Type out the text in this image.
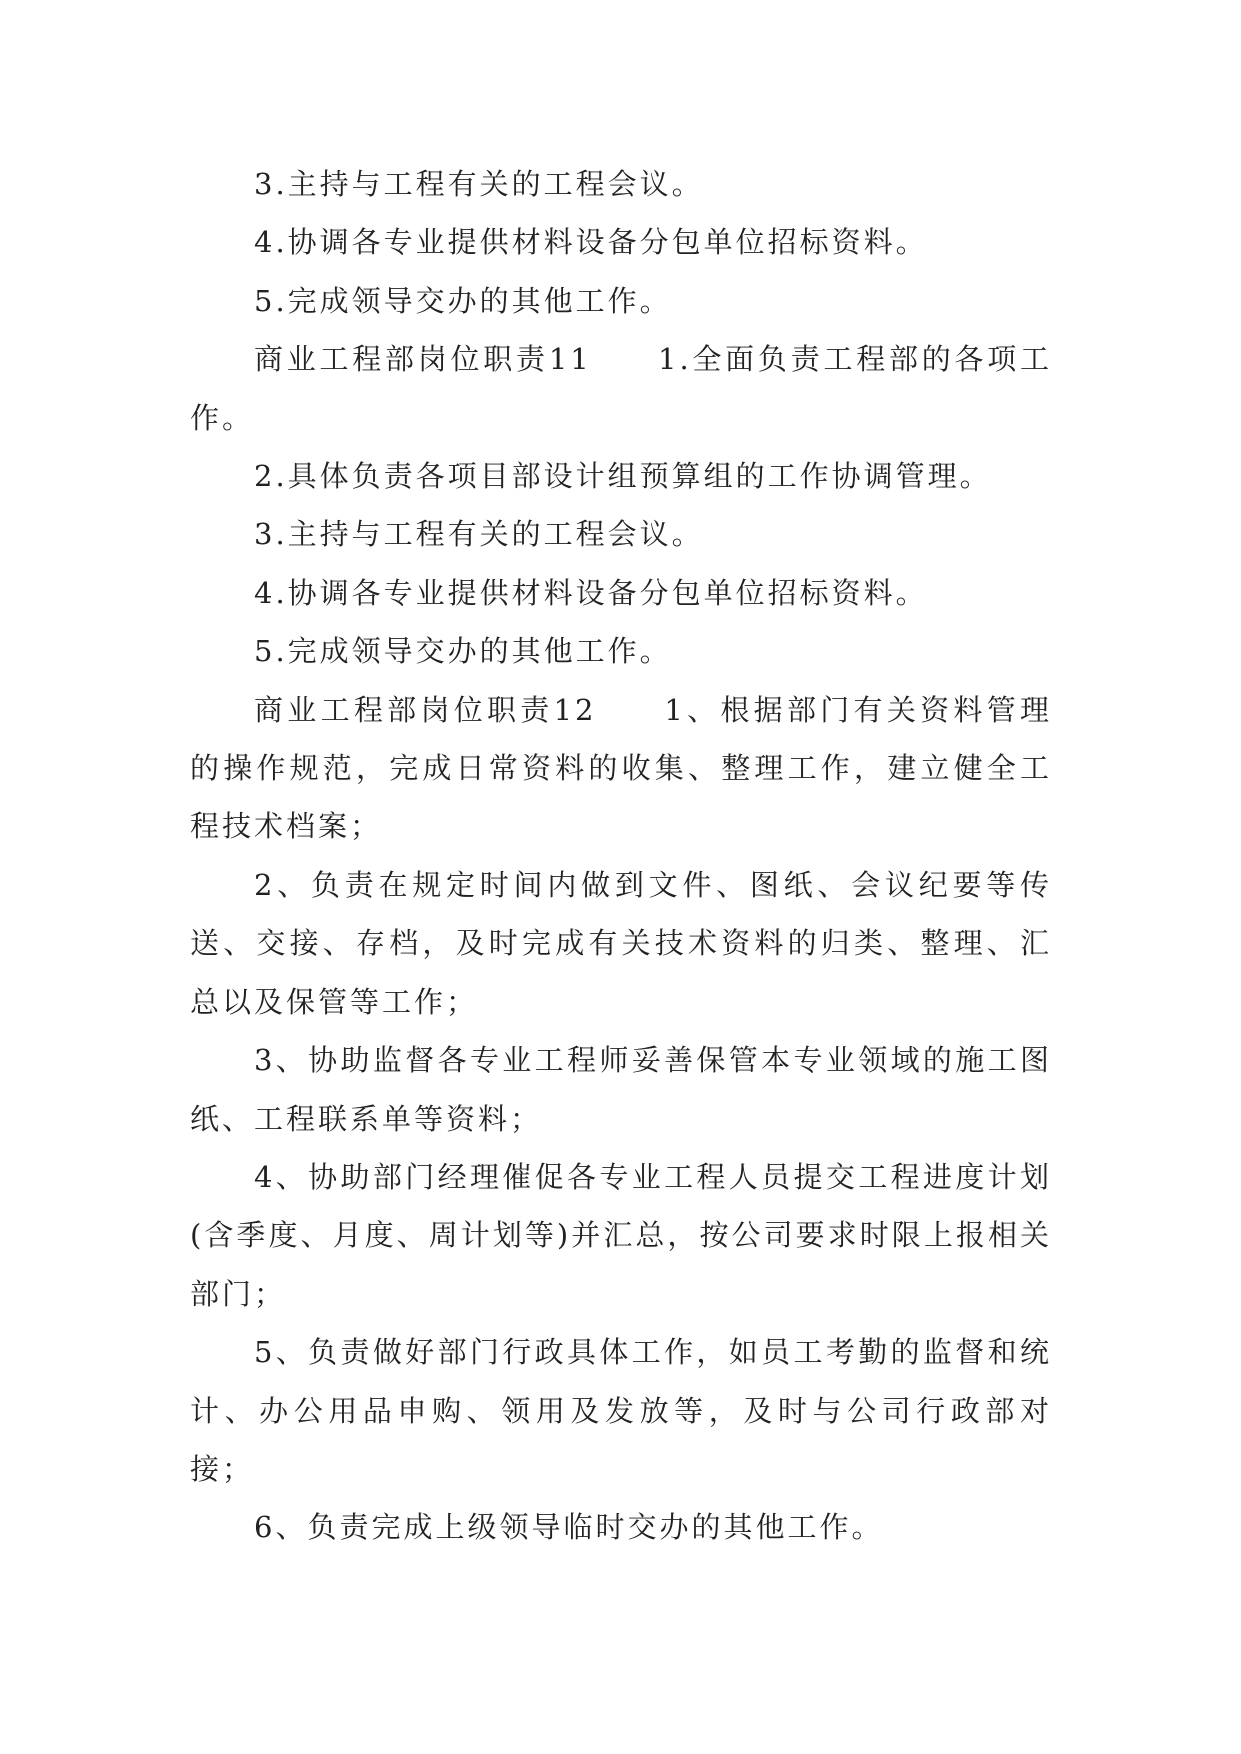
3.主持与工程有关的工程会议。

4.协调各专业提供材料设备分包单位招标资料。

5.完成领导交办的其他工作。

商业工程部岗位职责11　　1.全面负责工程部的各项工作。

2.具体负责各项目部设计组预算组的工作协调管理。

3.主持与工程有关的工程会议。

4.协调各专业提供材料设备分包单位招标资料。

5.完成领导交办的其他工作。

商业工程部岗位职责12　　1、根据部门有关资料管理的操作规范，完成日常资料的收集、整理工作，建立健全工程技术档案；

2、负责在规定时间内做到文件、图纸、会议纪要等传送、交接、存档，及时完成有关技术资料的归类、整理、汇总以及保管等工作；

3、协助监督各专业工程师妥善保管本专业领域的施工图纸、工程联系单等资料；

4、协助部门经理催促各专业工程人员提交工程进度计划(含季度、月度、周计划等)并汇总，按公司要求时限上报相关部门；

5、负责做好部门行政具体工作，如员工考勤的监督和统计、办公用品申购、领用及发放等，及时与公司行政部对接；

6、负责完成上级领导临时交办的其他工作。
